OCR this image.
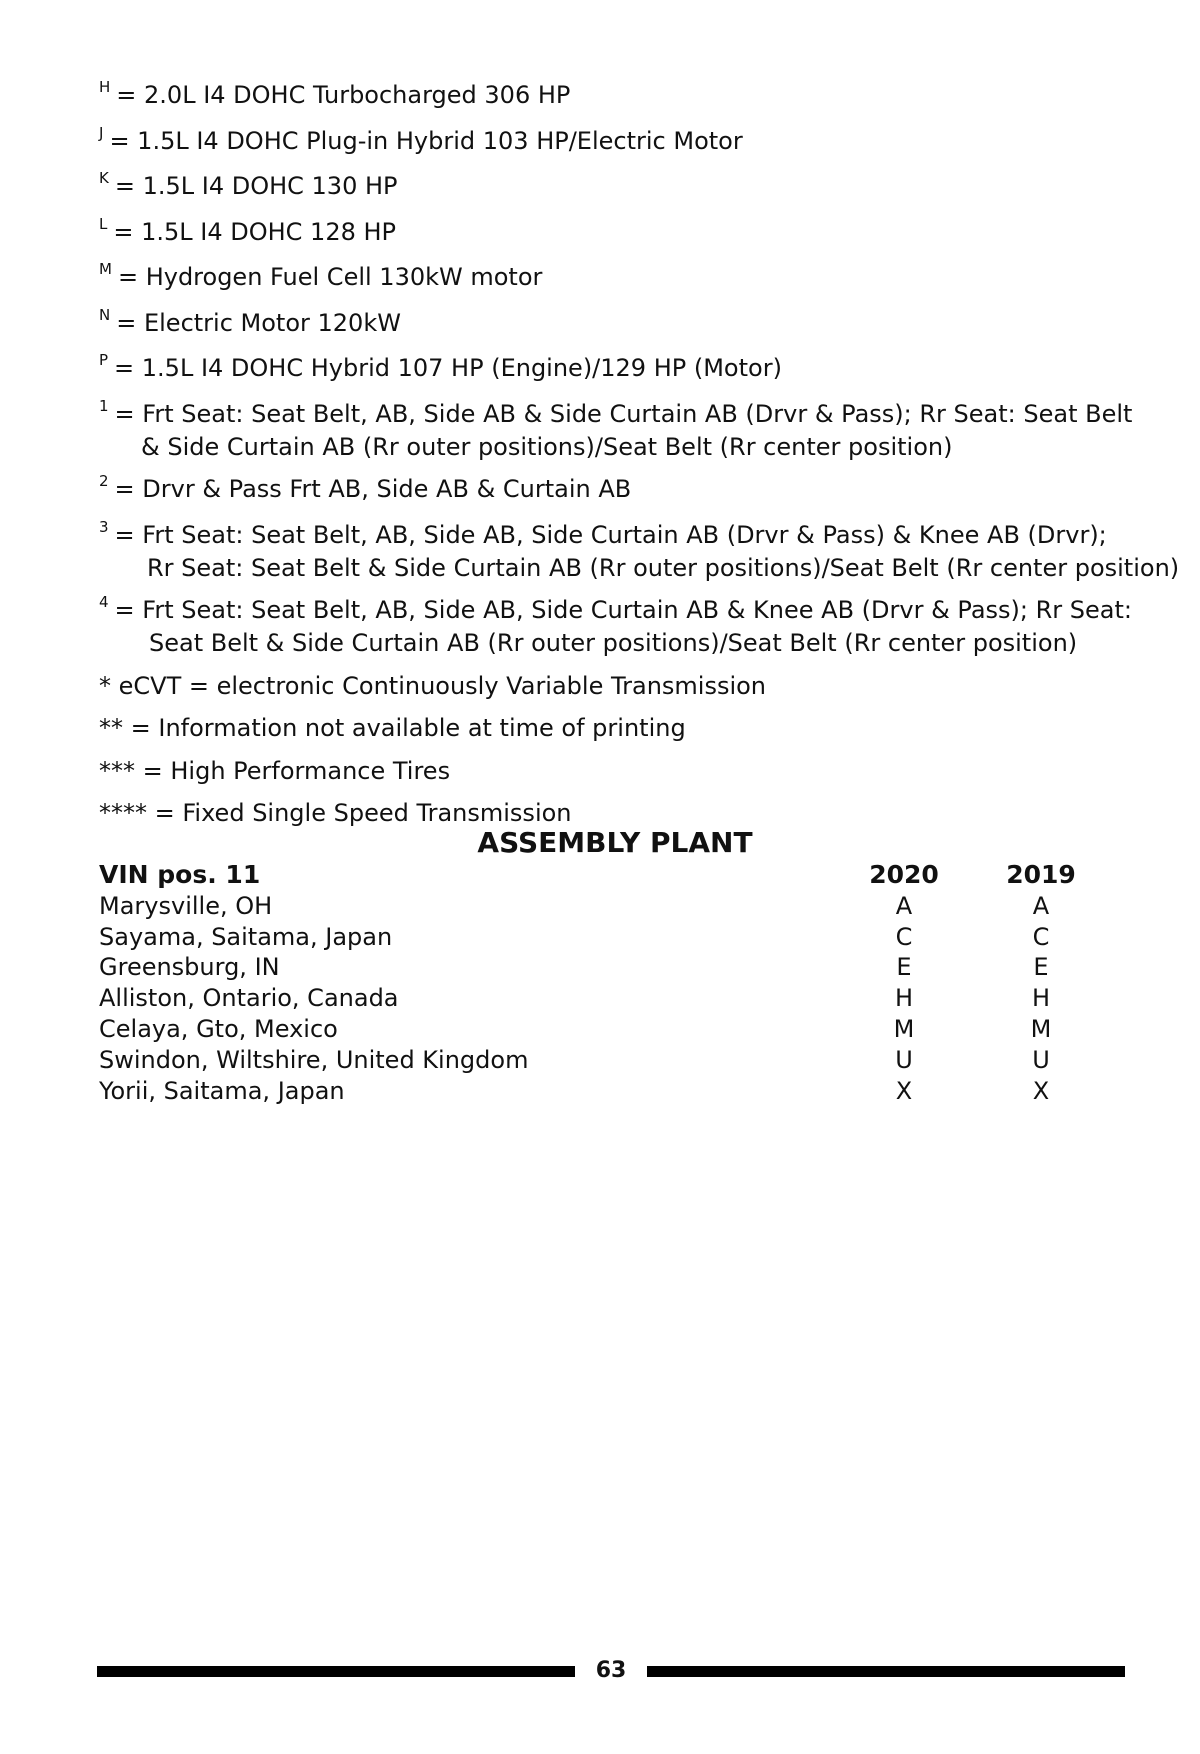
$^H$ = 2.0L I4 DOHC Turbocharged 306 HP
$^J$ = 1.5L I4 DOHC Plug-in Hybrid 103 HP/Electric Motor
$^K$ = 1.5L I4 DOHC 130 HP
$^L$ = 1.5L I4 DOHC 128 HP
$^M$ = Hydrogen Fuel Cell 130kW motor
$^N$ = Electric Motor 120kW
$^P$ = 1.5L I4 DOHC Hybrid 107 HP (Engine)/129 HP (Motor)
$^1$ = Frt Seat: Seat Belt, AB, Side AB & Side Curtain AB (Drvr & Pass); Rr Seat: Seat Belt
& Side Curtain AB (Rr outer positions)/Seat Belt (Rr center position)
$^2$ = Drvr & Pass Frt AB, Side AB & Curtain AB
$^3$ = Frt Seat: Seat Belt, AB, Side AB, Side Curtain AB (Drvr & Pass) & Knee AB (Drvr);
Rr Seat: Seat Belt & Side Curtain AB (Rr outer positions)/Seat Belt (Rr center position)
$^4$ = Frt Seat: Seat Belt, AB, Side AB, Side Curtain AB & Knee AB (Drvr & Pass); Rr Seat:
Seat Belt & Side Curtain AB (Rr outer positions)/Seat Belt (Rr center position)
* eCVT = electronic Continuously Variable Transmission
** = Information not available at time of printing
*** = High Performance Tires
**** = Fixed Single Speed Transmission
ASSEMBLY PLANT
VIN pos. 11	2020	2019
Marysville, OH	A	A
Sayama, Saitama, Japan	C	C
Greensburg, IN	E	E
Alliston, Ontario, Canada	H	H
Celaya, Gto, Mexico	M	M
Swindon, Wiltshire, United Kingdom	U	U
Yorii, Saitama, Japan	X	X
63
